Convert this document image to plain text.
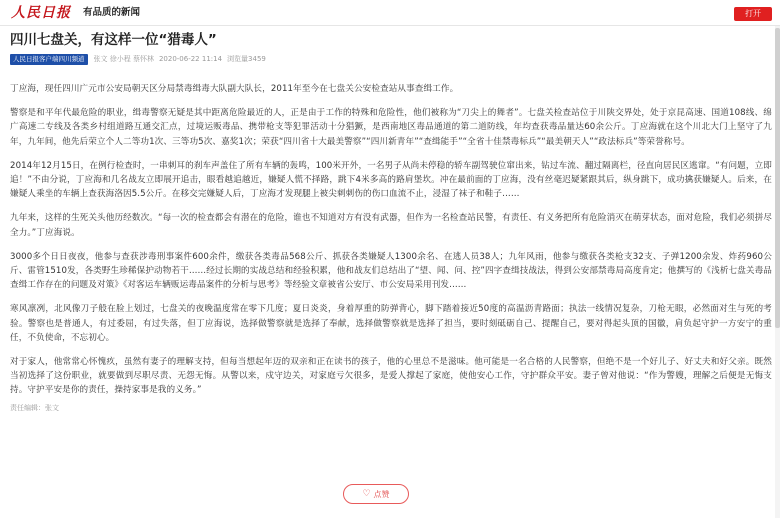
人民日报 有品质的新闻	打开
四川七盘关，有这样一位“猎毒人”
人民日报客户端四川频道	张文 徐小程 蔡怀林 2020-06-22 11:14 浏览量3459

丁应海，现任四川广元市公安局朝天区分局禁毒缉毒大队副大队长，2011年至今在七盘关公安检查站从事查缉工作。

警察是和平年代最危险的职业，缉毒警察无疑是其中距离危险最近的人，正是由于工作的特殊和危险性，他们被称为“刀尖上的舞者”。七盘关检查站位于川陕交界处，处于京昆高速、国道108线、绵广高速二专线及各类乡村组道路互通交汇点，过境运贩毒品、携带枪支等犯罪活动十分猖獗，是西南地区毒品通道的第二道防线，年均查获毒品量达60余公斤。丁应海就在这个川北大门上坚守了九年，九年间，他先后荣立个人二等功1次、三等功5次、嘉奖1次；荣获“四川省十大最美警察”“四川新青年”“查缉能手”“全省十佳禁毒标兵”“最美朝天人”“政法标兵”等荣誉称号。

2014年12月15日，在例行检查时，一串刺耳的刹车声盖住了所有车辆的轰鸣，100米开外，一名男子从尚未停稳的轿车副驾驶位窜出来，钻过车流、翻过隔离栏，径直向居民区逃窜。“有问题，立即追！”不由分说，丁应海和几名战友立即展开追击，眼看越追越近，嫌疑人慌不择路，跳下4米多高的路肩堡坎。冲在最前面的丁应海，没有丝毫迟疑紧跟其后，纵身跳下，成功擒获嫌疑人。后来，在嫌疑人乘坐的车辆上查获海洛因5.5公斤。在移交完嫌疑人后，丁应海才发现腿上被尖刺刺伤的伤口血流不止，浸湿了袜子和鞋子……

九年来，这样的生死关头他历经数次。“每一次的检查都会有潜在的危险，谁也不知道对方有没有武器，但作为一名检查站民警，有责任、有义务把所有危险消灭在萌芽状态，面对危险，我们必须拼尽全力。”丁应海说。

3000多个日日夜夜，他参与查获涉毒刑事案件600余件，缴获各类毒品568公斤、抓获各类嫌疑人1300余名、在逃人员38人；九年风雨，他参与缴获各类枪支32支、子弹1200余发、炸药960公斤、雷管1510发，各类野生珍稀保护动物若干……经过长期的实战总结和经验积累，他和战友们总结出了“望、闻、问、控”四字查缉技战法，得到公安部禁毒局高度肯定；他撰写的《浅析七盘关毒品查缉工作存在的问题及对策》《对客运车辆贩运毒品案件的分析与思考》等经验文章被省公安厅、市公安局采用刊发……

寒风凛冽，北风像刀子般在脸上划过，七盘关的夜晚温度常在零下几度；夏日炎炎，身着厚重的防弹背心，脚下踏着接近50度的高温沥青路面；执法一线情况复杂，刀枪无眼，必然面对生与死的考验。警察也是普通人，有过委屈，有过失落，但丁应海说，选择做警察就是选择了奉献，选择做警察就是选择了担当，要时刻砥砺自己、提醒自己，要对得起头顶的国徽，肩负起守护一方安宁的重任，不负使命，不忘初心。

对于家人，他常常心怀愧疚，虽然有妻子的理解支持，但每当想起年迈的双亲和正在读书的孩子，他的心里总不是滋味。他可能是一名合格的人民警察，但绝不是一个好儿子、好丈夫和好父亲。既然当初选择了这份职业，就要做到尽职尽责、无怨无悔。从警以来，戍守边关，对家庭亏欠很多，是爱人撑起了家庭，使他安心工作，守护群众平安。妻子曾对他说：“作为警嫂，理解之后便是无悔支持。守护平安是你的责任，操持家事是我的义务。”

责任编辑：张文
♡ 点赞
